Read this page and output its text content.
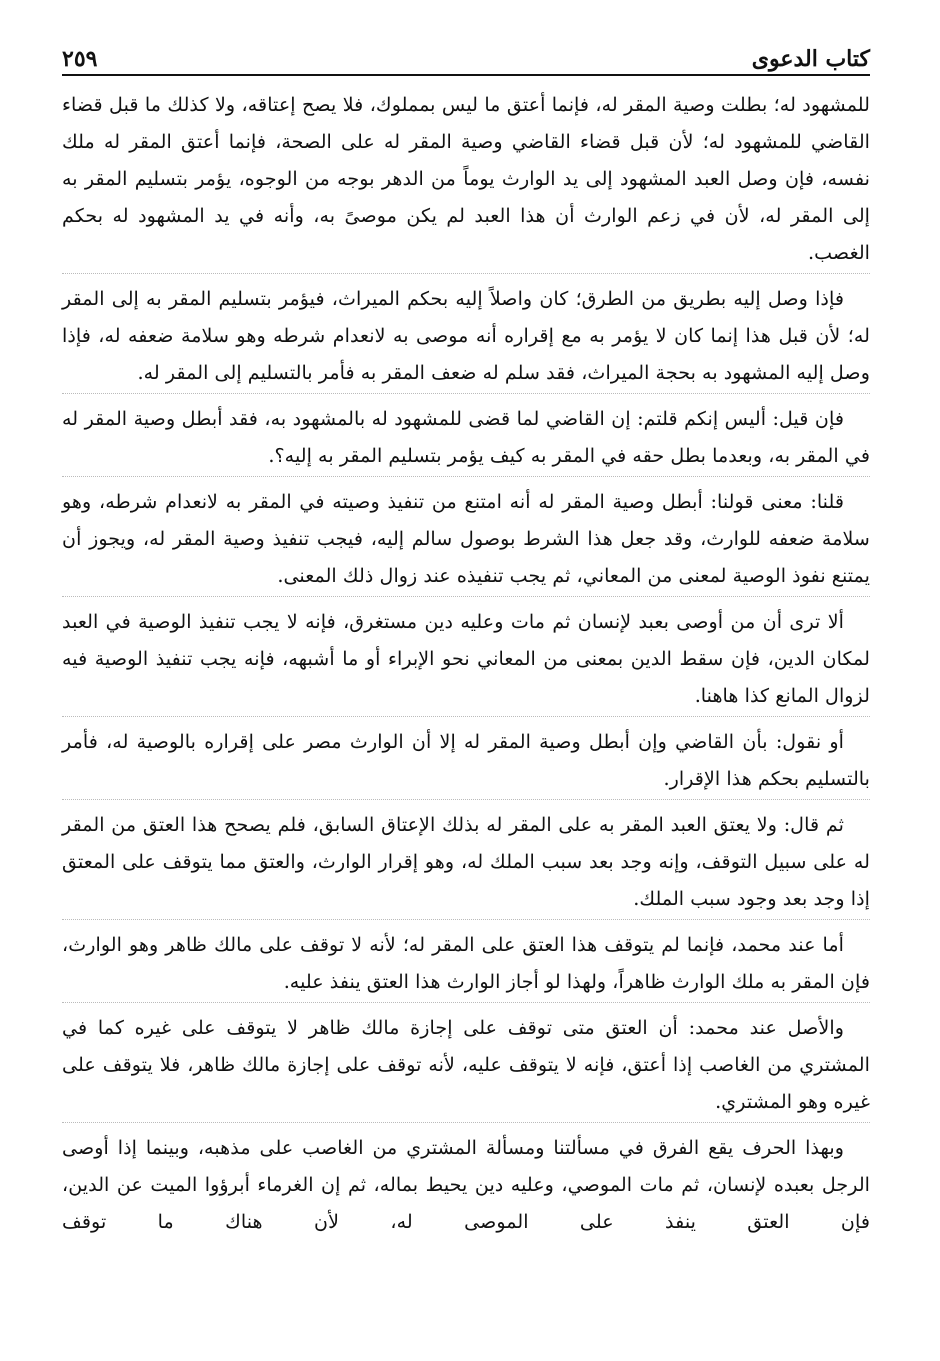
كتاب الدعوى
٢٥٩

للمشهود له؛ بطلت وصية المقر له، فإنما أعتق ما ليس بمملوك، فلا يصح إعتاقه، ولا كذلك ما قبل قضاء القاضي للمشهود له؛ لأن قبل قضاء القاضي وصية المقر له على الصحة، فإنما أعتق المقر له ملك نفسه، فإن وصل العبد المشهود إلى يد الوارث يوماً من الدهر بوجه من الوجوه، يؤمر بتسليم المقر به إلى المقر له، لأن في زعم الوارث أن هذا العبد لم يكن موصىً به، وأنه في يد المشهود له بحكم الغصب.

فإذا وصل إليه بطريق من الطرق؛ كان واصلاً إليه بحكم الميراث، فيؤمر بتسليم المقر به إلى المقر له؛ لأن قبل هذا إنما كان لا يؤمر به مع إقراره أنه موصى به لانعدام شرطه وهو سلامة ضعفه له، فإذا وصل إليه المشهود به بحجة الميراث، فقد سلم له ضعف المقر به فأمر بالتسليم إلى المقر له.

فإن قيل: أليس إنكم قلتم: إن القاضي لما قضى للمشهود له بالمشهود به، فقد أبطل وصية المقر له في المقر به، وبعدما بطل حقه في المقر به كيف يؤمر بتسليم المقر به إليه؟.

قلنا: معنى قولنا: أبطل وصية المقر له أنه امتنع من تنفيذ وصيته في المقر به لانعدام شرطه، وهو سلامة ضعفه للوارث، وقد جعل هذا الشرط بوصول سالم إليه، فيجب تنفيذ وصية المقر له، ويجوز أن يمتنع نفوذ الوصية لمعنى من المعاني، ثم يجب تنفيذه عند زوال ذلك المعنى.

ألا ترى أن من أوصى بعبد لإنسان ثم مات وعليه دين مستغرق، فإنه لا يجب تنفيذ الوصية في العبد لمكان الدين، فإن سقط الدين بمعنى من المعاني نحو الإبراء أو ما أشبهه، فإنه يجب تنفيذ الوصية فيه لزوال المانع كذا هاهنا.

أو نقول: بأن القاضي وإن أبطل وصية المقر له إلا أن الوارث مصر على إقراره بالوصية له، فأمر بالتسليم بحكم هذا الإقرار.

ثم قال: ولا يعتق العبد المقر به على المقر له بذلك الإعتاق السابق، فلم يصحح هذا العتق من المقر له على سبيل التوقف، وإنه وجد بعد سبب الملك له، وهو إقرار الوارث، والعتق مما يتوقف على المعتق إذا وجد بعد وجود سبب الملك.

أما عند محمد، فإنما لم يتوقف هذا العتق على المقر له؛ لأنه لا توقف على مالك ظاهر وهو الوارث، فإن المقر به ملك الوارث ظاهراً، ولهذا لو أجاز الوارث هذا العتق ينفذ عليه.

والأصل عند محمد: أن العتق متى توقف على إجازة مالك ظاهر لا يتوقف على غيره كما في المشتري من الغاصب إذا أعتق، فإنه لا يتوقف عليه، لأنه توقف على إجازة مالك ظاهر، فلا يتوقف على غيره وهو المشتري.

وبهذا الحرف يقع الفرق في مسألتنا ومسألة المشتري من الغاصب على مذهبه، وبينما إذا أوصى الرجل بعبده لإنسان، ثم مات الموصي، وعليه دين يحيط بماله، ثم إن الغرماء أبرؤوا الميت عن الدين، فإن العتق ينفذ على الموصى له، لأن هناك ما توقف
